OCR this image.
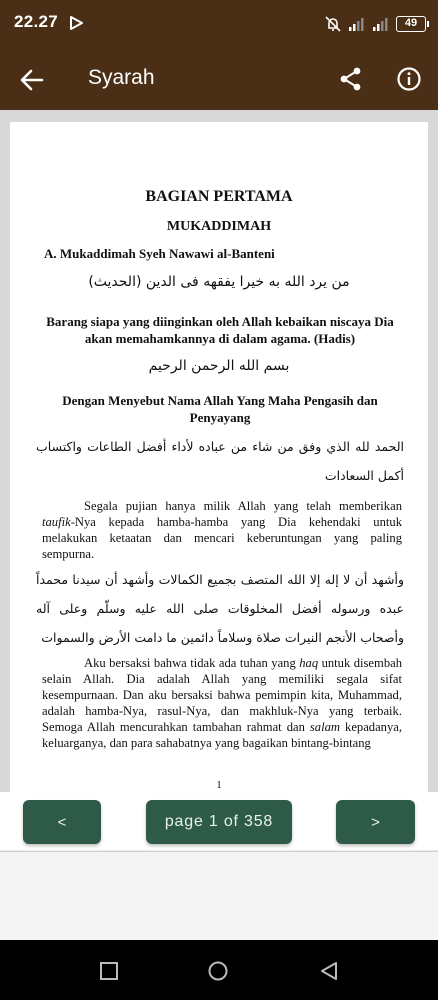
22.27	49
Syarah
BAGIAN PERTAMA
MUKADDIMAH
A. Mukaddimah Syeh Nawawi al-Banteni
من يرد الله به خيرا يفقهه فى الدين (الحديث)
Barang siapa yang diinginkan oleh Allah kebaikan niscaya Dia akan memahamkannya di dalam agama. (Hadis)
بسم الله الرحمن الرحيم
Dengan Menyebut Nama Allah Yang Maha Pengasih dan Penyayang
الحمد لله الذي وفق من شاء من عباده لأداء أفضل الطاعات واكتساب أكمل السعادات
Segala pujian hanya milik Allah yang telah memberikan taufik-Nya kepada hamba-hamba yang Dia kehendaki untuk melakukan ketaatan dan mencari keberuntungan yang paling sempurna.
وأشهد أن لا إله إلا الله المتصف بجميع الكمالات وأشهد أن سيدنا محمداً عبده ورسوله أفضل المخلوقات صلى الله عليه وسلّم وعلى آله وأصحاب الأنجم النيرات صلاة وسلاماً دائمين ما دامت الأرض والسموات
Aku bersaksi bahwa tidak ada tuhan yang haq untuk disembah selain Allah. Dia adalah Allah yang memiliki segala sifat kesempurnaan. Dan aku bersaksi bahwa pemimpin kita, Muhammad, adalah hamba-Nya, rasul-Nya, dan makhluk-Nya yang terbaik. Semoga Allah mencurahkan tambahan rahmat dan salam kepadanya, keluarganya, dan para sahabatnya yang bagaikan bintang-bintang
1
<	page 1 of 358	>
